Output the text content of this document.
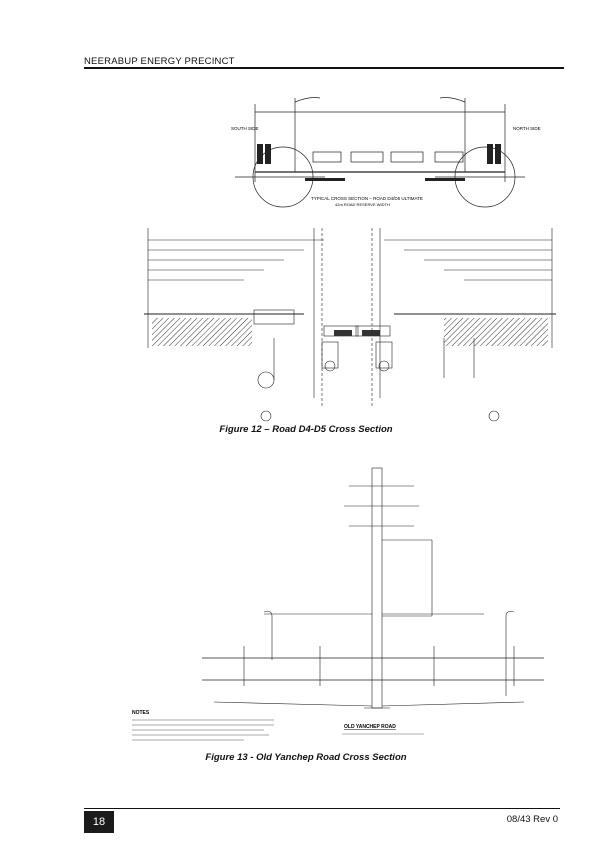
NEERABUP ENERGY PRECINCT
SOUTH SIDE	NORTH SIDE
TYPICAL CROSS SECTION – ROAD D4/D5 ULTIMATE
42m ROAD RESERVE WIDTH
Figure 12 – Road D4-D5 Cross Section
NOTES
OLD YANCHEP ROAD
Figure 13 - Old Yanchep Road Cross Section
18	08/43 Rev 0
